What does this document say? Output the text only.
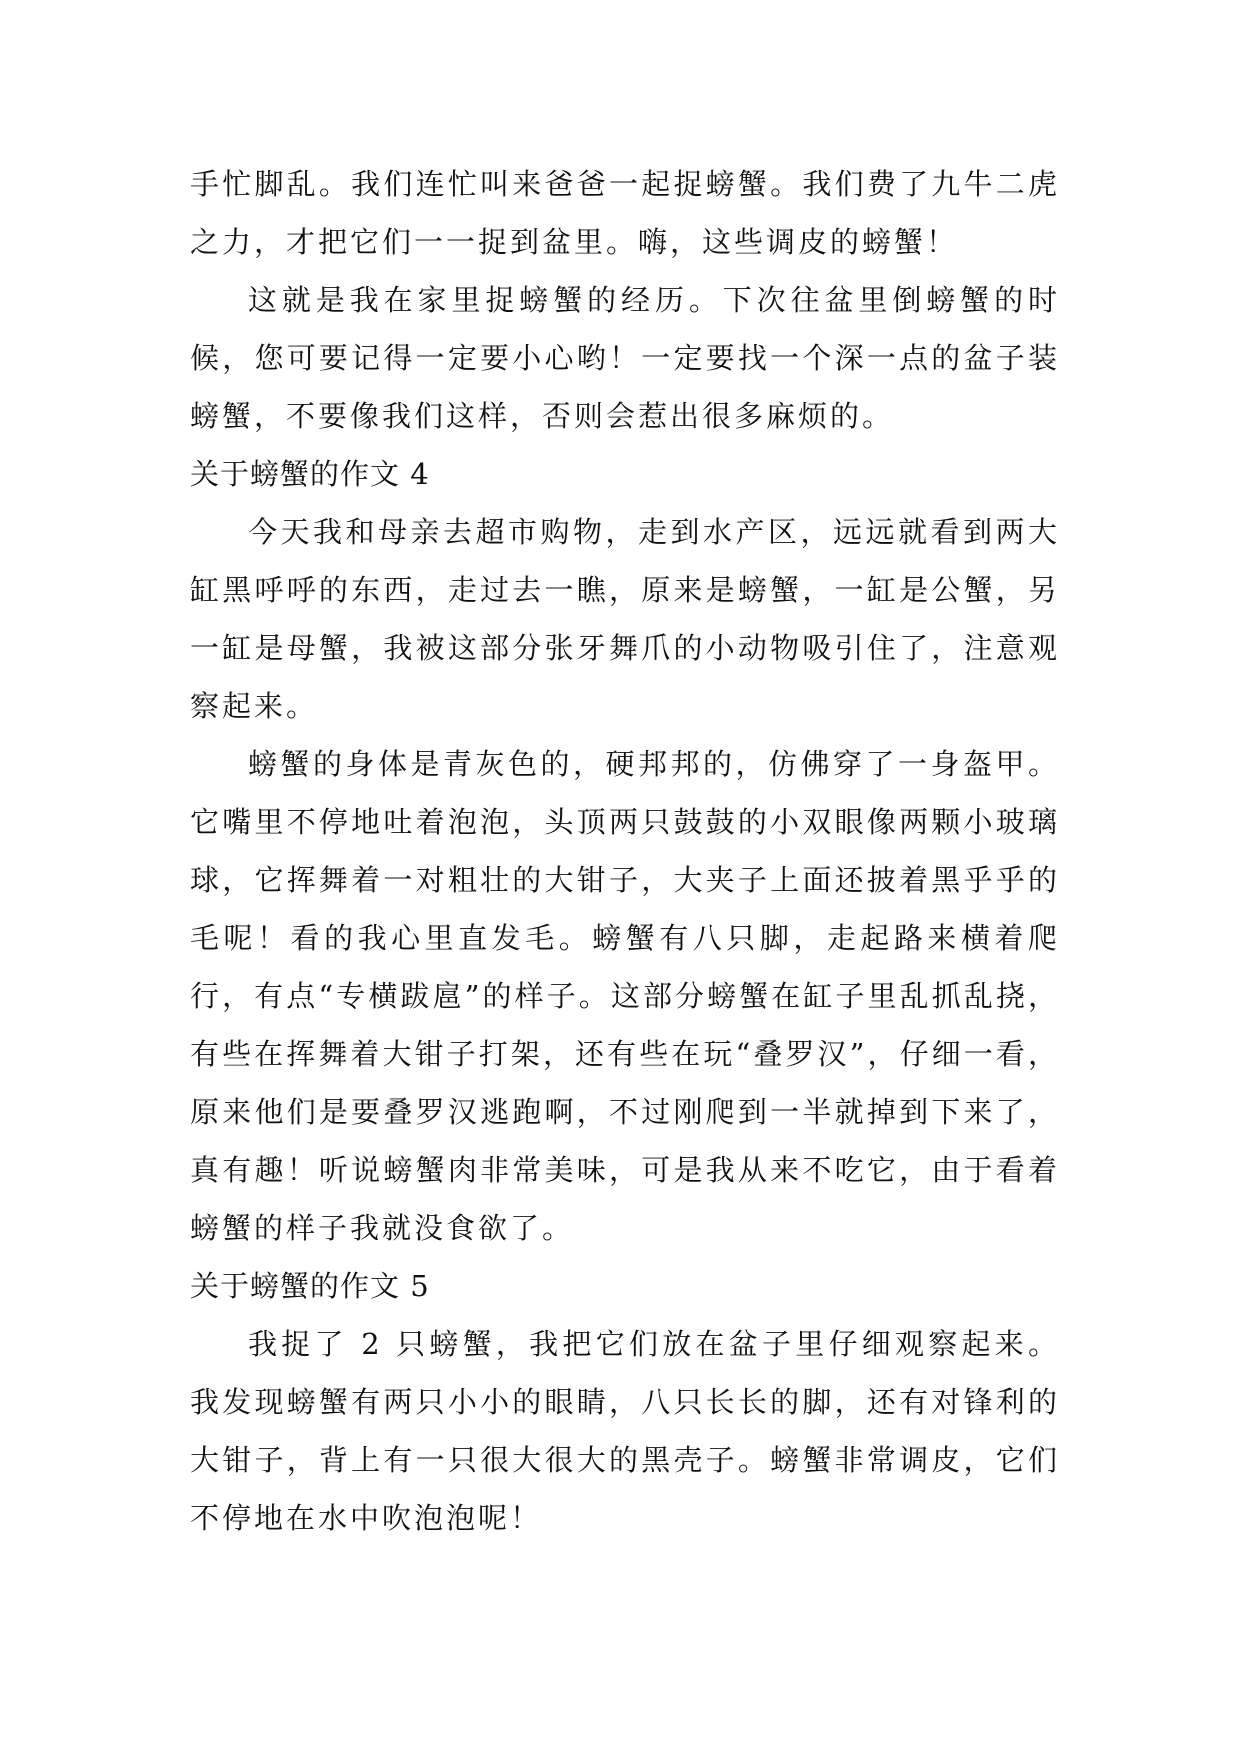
手忙脚乱。我们连忙叫来爸爸一起捉螃蟹。我们费了九牛二虎之力，才把它们一一捉到盆里。嗨，这些调皮的螃蟹！

这就是我在家里捉螃蟹的经历。下次往盆里倒螃蟹的时候，您可要记得一定要小心哟！一定要找一个深一点的盆子装螃蟹，不要像我们这样，否则会惹出很多麻烦的。

关于螃蟹的作文 4

今天我和母亲去超市购物，走到水产区，远远就看到两大缸黑呼呼的东西，走过去一瞧，原来是螃蟹，一缸是公蟹，另一缸是母蟹，我被这部分张牙舞爪的小动物吸引住了，注意观察起来。

螃蟹的身体是青灰色的，硬邦邦的，仿佛穿了一身盔甲。它嘴里不停地吐着泡泡，头顶两只鼓鼓的小双眼像两颗小玻璃球，它挥舞着一对粗壮的大钳子，大夹子上面还披着黑乎乎的毛呢！看的我心里直发毛。螃蟹有八只脚，走起路来横着爬行，有点“专横跋扈”的样子。这部分螃蟹在缸子里乱抓乱挠，有些在挥舞着大钳子打架，还有些在玩“叠罗汉”，仔细一看，原来他们是要叠罗汉逃跑啊，不过刚爬到一半就掉到下来了，真有趣！听说螃蟹肉非常美味，可是我从来不吃它，由于看着螃蟹的样子我就没食欲了。

关于螃蟹的作文 5

我捉了 2 只螃蟹，我把它们放在盆子里仔细观察起来。我发现螃蟹有两只小小的眼睛，八只长长的脚，还有对锋利的大钳子，背上有一只很大很大的黑壳子。螃蟹非常调皮，它们不停地在水中吹泡泡呢！
